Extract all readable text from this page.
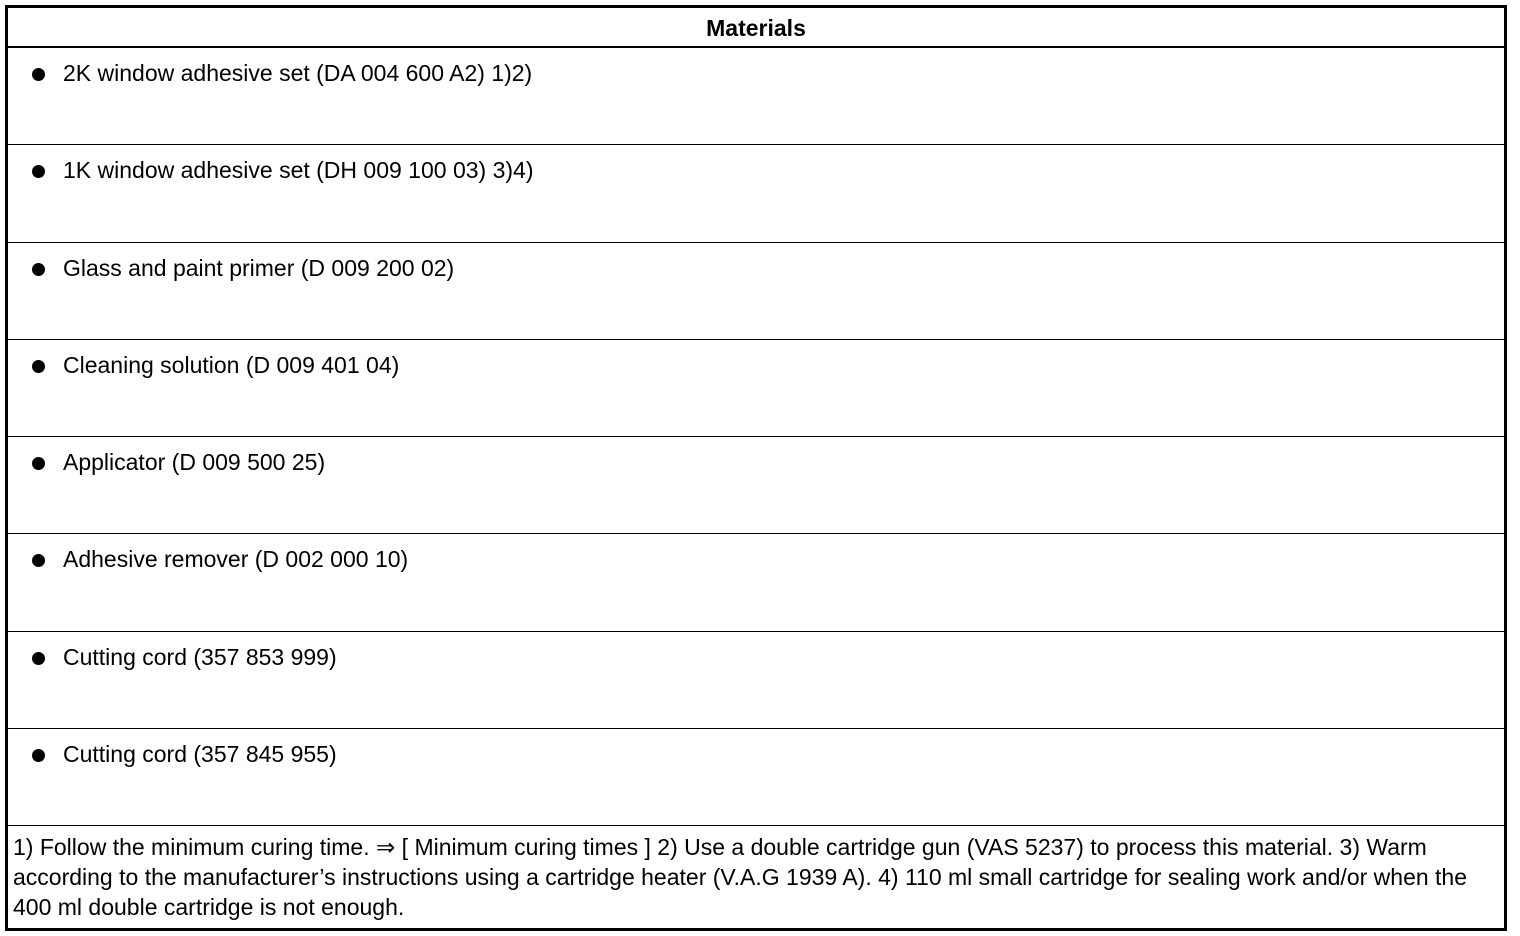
Materials
2K window adhesive set (DA 004 600 A2) 1)2)
1K window adhesive set (DH 009 100 03) 3)4)
Glass and paint primer (D 009 200 02)
Cleaning solution (D 009 401 04)
Applicator (D 009 500 25)
Adhesive remover (D 002 000 10)
Cutting cord (357 853 999)
Cutting cord (357 845 955)
1) Follow the minimum curing time. ⇒ [ Minimum curing times ] 2) Use a double cartridge gun (VAS 5237) to process this material. 3) Warm according to the manufacturer’s instructions using a cartridge heater (V.A.G 1939 A). 4) 110 ml small cartridge for sealing work and/or when the 400 ml double cartridge is not enough.
